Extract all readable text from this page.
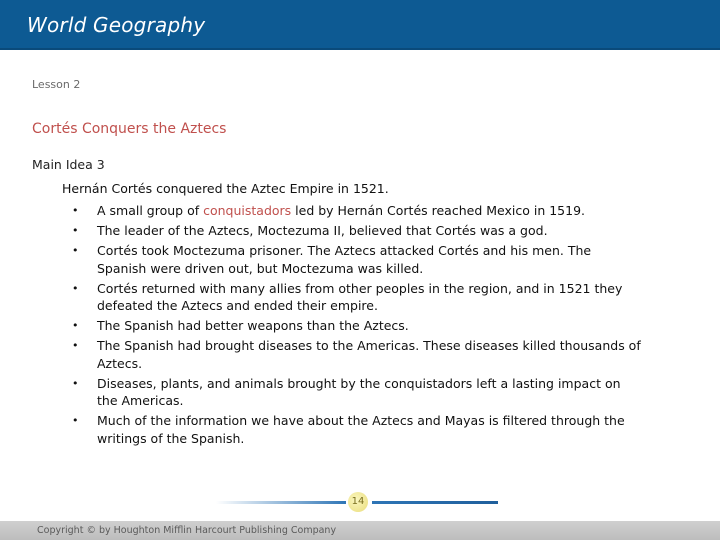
World Geography
Lesson 2
Cortés Conquers the Aztecs
Main Idea 3
Hernán Cortés conquered the Aztec Empire in 1521.
• A small group of conquistadors led by Hernán Cortés reached Mexico in 1519.
• The leader of the Aztecs, Moctezuma II, believed that Cortés was a god.
• Cortés took Moctezuma prisoner. The Aztecs attacked Cortés and his men. The Spanish were driven out, but Moctezuma was killed.
• Cortés returned with many allies from other peoples in the region, and in 1521 they defeated the Aztecs and ended their empire.
• The Spanish had better weapons than the Aztecs.
• The Spanish had brought diseases to the Americas. These diseases killed thousands of Aztecs.
• Diseases, plants, and animals brought by the conquistadors left a lasting impact on the Americas.
• Much of the information we have about the Aztecs and Mayas is filtered through the writings of the Spanish.
14
Copyright © by Houghton Mifflin Harcourt Publishing Company
